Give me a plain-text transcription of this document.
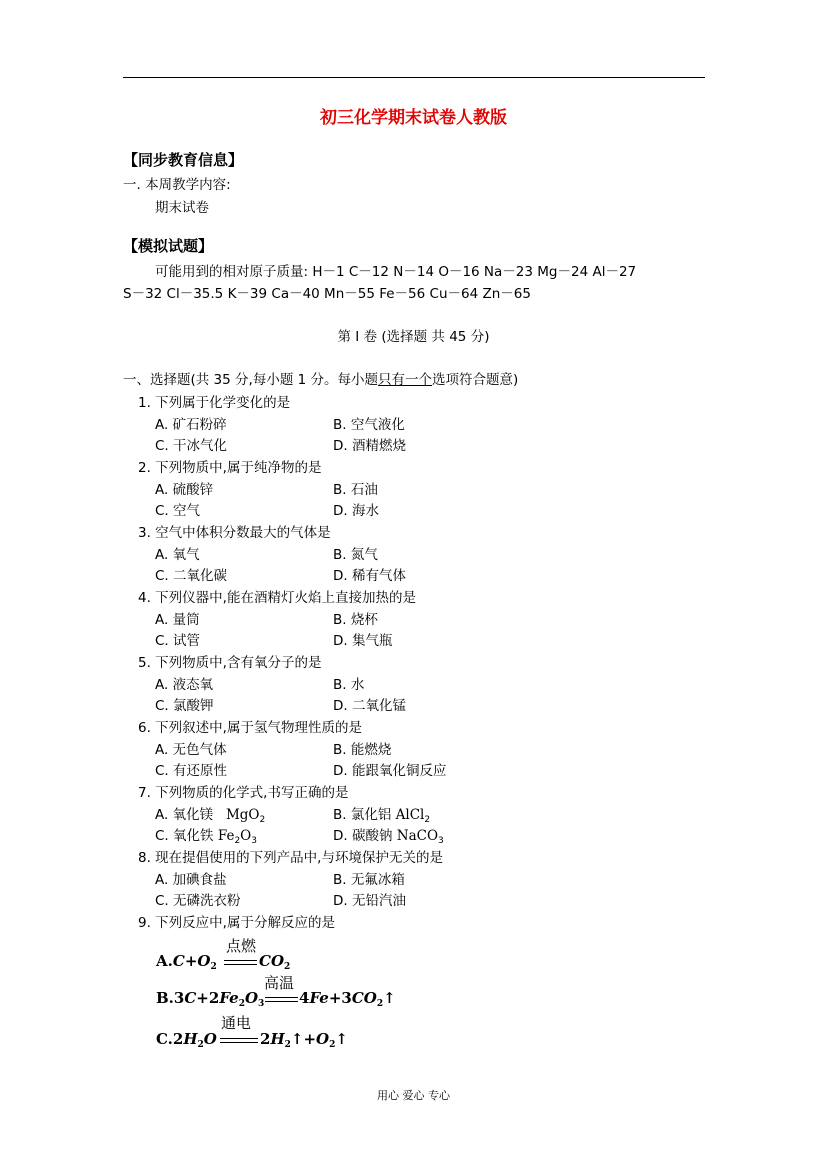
初三化学期末试卷人教版
【同步教育信息】
一. 本周教学内容:
期末试卷
【模拟试题】
可能用到的相对原子质量: H－1 C－12 N－14 O－16 Na－23 Mg－24 Al－27
S－32 Cl－35.5 K－39 Ca－40 Mn－55 Fe－56 Cu－64 Zn－65
第 I 卷 (选择题 共 45 分)
一、选择题(共 35 分,每小题 1 分。每小题只有一个选项符合题意)
1. 下列属于化学变化的是
A. 矿石粉碎	B. 空气液化
C. 干冰气化	D. 酒精燃烧
2. 下列物质中,属于纯净物的是
A. 硫酸锌	B. 石油
C. 空气	D. 海水
3. 空气中体积分数最大的气体是
A. 氧气	B. 氮气
C. 二氧化碳	D. 稀有气体
4. 下列仪器中,能在酒精灯火焰上直接加热的是
A. 量筒	B. 烧杯
C. 试管	D. 集气瓶
5. 下列物质中,含有氧分子的是
A. 液态氧	B. 水
C. 氯酸钾	D. 二氧化锰
6. 下列叙述中,属于氢气物理性质的是
A. 无色气体	B. 能燃烧
C. 有还原性	D. 能跟氧化铜反应
7. 下列物质的化学式,书写正确的是
A. 氧化镁 MgO$_2$	B. 氯化铝 AlCl$_2$
C. 氧化铁 $Fe_2O_3$	D. 碳酸钠 NaCO$_3$
8. 现在提倡使用的下列产品中,与环境保护无关的是
A. 加碘食盐	B. 无氟冰箱
C. 无磷洗衣粉	D. 无铅汽油
9. 下列反应中,属于分解反应的是
$A.C+O_2$
点燃
$CO_2$
$B.3C+2Fe_2O_3$
高温
$4Fe+3CO_2↑$
$C.2H_2O$
通电
$2H_2↑+O_2↑$
用心 爱心 专心
